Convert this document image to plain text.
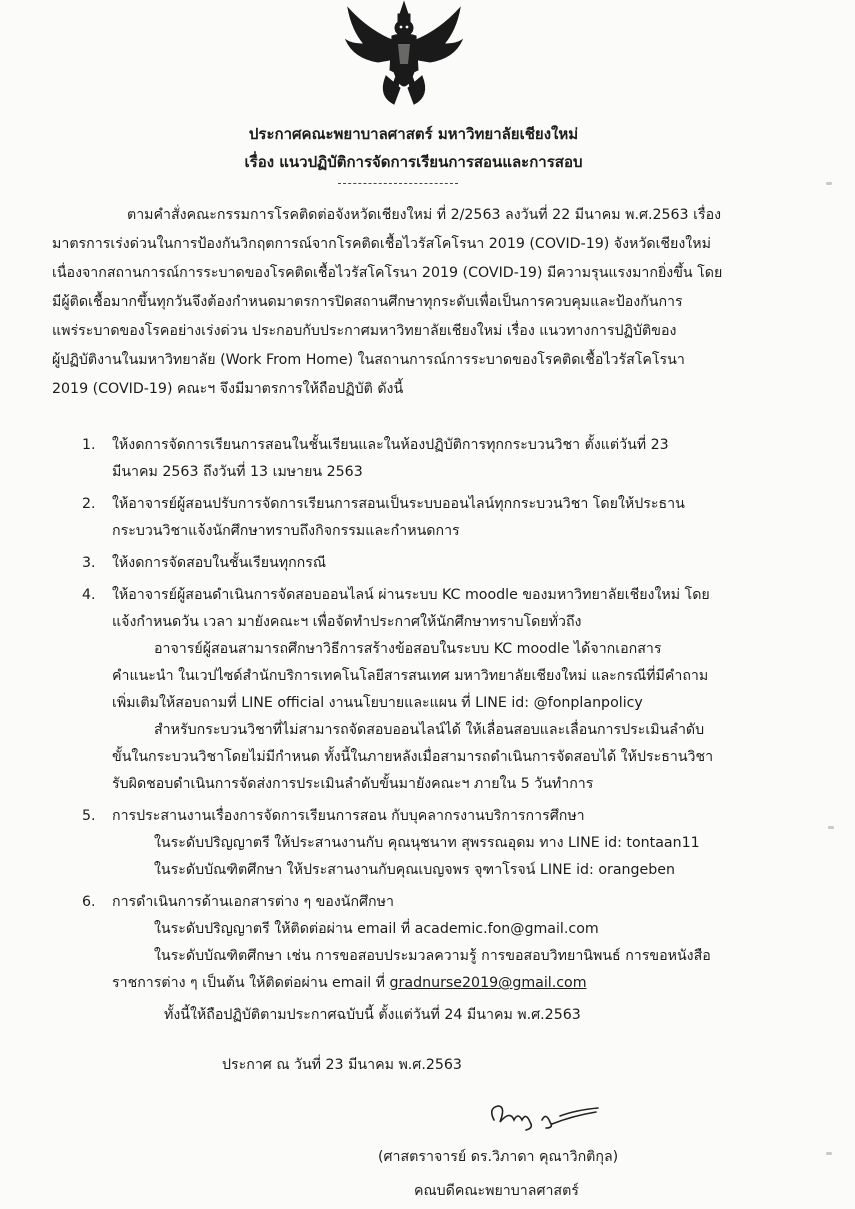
ประกาศคณะพยาบาลศาสตร์ มหาวิทยาลัยเชียงใหม่
เรื่อง แนวปฏิบัติการจัดการเรียนการสอนและการสอบ
ตามคำสั่งคณะกรรมการโรคติดต่อจังหวัดเชียงใหม่ ที่ 2/2563 ลงวันที่ 22 มีนาคม พ.ศ.2563 เรื่อง
มาตรการเร่งด่วนในการป้องกันวิกฤตการณ์จากโรคติดเชื้อไวรัสโคโรนา 2019 (COVID-19) จังหวัดเชียงใหม่
เนื่องจากสถานการณ์การระบาดของโรคติดเชื้อไวรัสโคโรนา 2019 (COVID-19) มีความรุนแรงมากยิ่งขึ้น โดย
มีผู้ติดเชื้อมากขึ้นทุกวันจึงต้องกำหนดมาตรการปิดสถานศึกษาทุกระดับเพื่อเป็นการควบคุมและป้องกันการ
แพร่ระบาดของโรคอย่างเร่งด่วน ประกอบกับประกาศมหาวิทยาลัยเชียงใหม่ เรื่อง แนวทางการปฏิบัติของ
ผู้ปฏิบัติงานในมหาวิทยาลัย (Work From Home) ในสถานการณ์การระบาดของโรคติดเชื้อไวรัสโคโรนา
2019 (COVID-19) คณะฯ จึงมีมาตรการให้ถือปฏิบัติ ดังนี้
1. ให้งดการจัดการเรียนการสอนในชั้นเรียนและในห้องปฏิบัติการทุกกระบวนวิชา ตั้งแต่วันที่ 23
มีนาคม 2563 ถึงวันที่ 13 เมษายน 2563
2. ให้อาจารย์ผู้สอนปรับการจัดการเรียนการสอนเป็นระบบออนไลน์ทุกกระบวนวิชา โดยให้ประธาน
กระบวนวิชาแจ้งนักศึกษาทราบถึงกิจกรรมและกำหนดการ
3. ให้งดการจัดสอบในชั้นเรียนทุกกรณี
4. ให้อาจารย์ผู้สอนดำเนินการจัดสอบออนไลน์ ผ่านระบบ KC moodle ของมหาวิทยาลัยเชียงใหม่ โดย
แจ้งกำหนดวัน เวลา มายังคณะฯ เพื่อจัดทำประกาศให้นักศึกษาทราบโดยทั่วถึง
อาจารย์ผู้สอนสามารถศึกษาวิธีการสร้างข้อสอบในระบบ KC moodle ได้จากเอกสาร
คำแนะนำ ในเวปไซด์สำนักบริการเทคโนโลยีสารสนเทศ มหาวิทยาลัยเชียงใหม่ และกรณีที่มีคำถาม
เพิ่มเติมให้สอบถามที่ LINE official งานนโยบายและแผน ที่ LINE id: @fonplanpolicy
สำหรับกระบวนวิชาที่ไม่สามารถจัดสอบออนไลน์ได้ ให้เลื่อนสอบและเลื่อนการประเมินลำดับ
ขั้นในกระบวนวิชาโดยไม่มีกำหนด ทั้งนี้ในภายหลังเมื่อสามารถดำเนินการจัดสอบได้ ให้ประธานวิชา
รับผิดชอบดำเนินการจัดส่งการประเมินลำดับขั้นมายังคณะฯ ภายใน 5 วันทำการ
5. การประสานงานเรื่องการจัดการเรียนการสอน กับบุคลากรงานบริการการศึกษา
ในระดับปริญญาตรี ให้ประสานงานกับ คุณนุชนาท สุพรรณอุดม ทาง LINE id: tontaan11
ในระดับบัณฑิตศึกษา ให้ประสานงานกับคุณเบญจพร จุฑาโรจน์ LINE id: orangeben
6. การดำเนินการด้านเอกสารต่าง ๆ ของนักศึกษา
ในระดับปริญญาตรี ให้ติดต่อผ่าน email ที่ academic.fon@gmail.com
ในระดับบัณฑิตศึกษา เช่น การขอสอบประมวลความรู้ การขอสอบวิทยานิพนธ์ การขอหนังสือ
ราชการต่าง ๆ เป็นต้น ให้ติดต่อผ่าน email ที่ gradnurse2019@gmail.com
ทั้งนี้ให้ถือปฏิบัติตามประกาศฉบับนี้ ตั้งแต่วันที่ 24 มีนาคม พ.ศ.2563
ประกาศ ณ วันที่ 23 มีนาคม พ.ศ.2563
(ศาสตราจารย์ ดร.วิภาดา คุณาวิกติกุล)
คณบดีคณะพยาบาลศาสตร์
